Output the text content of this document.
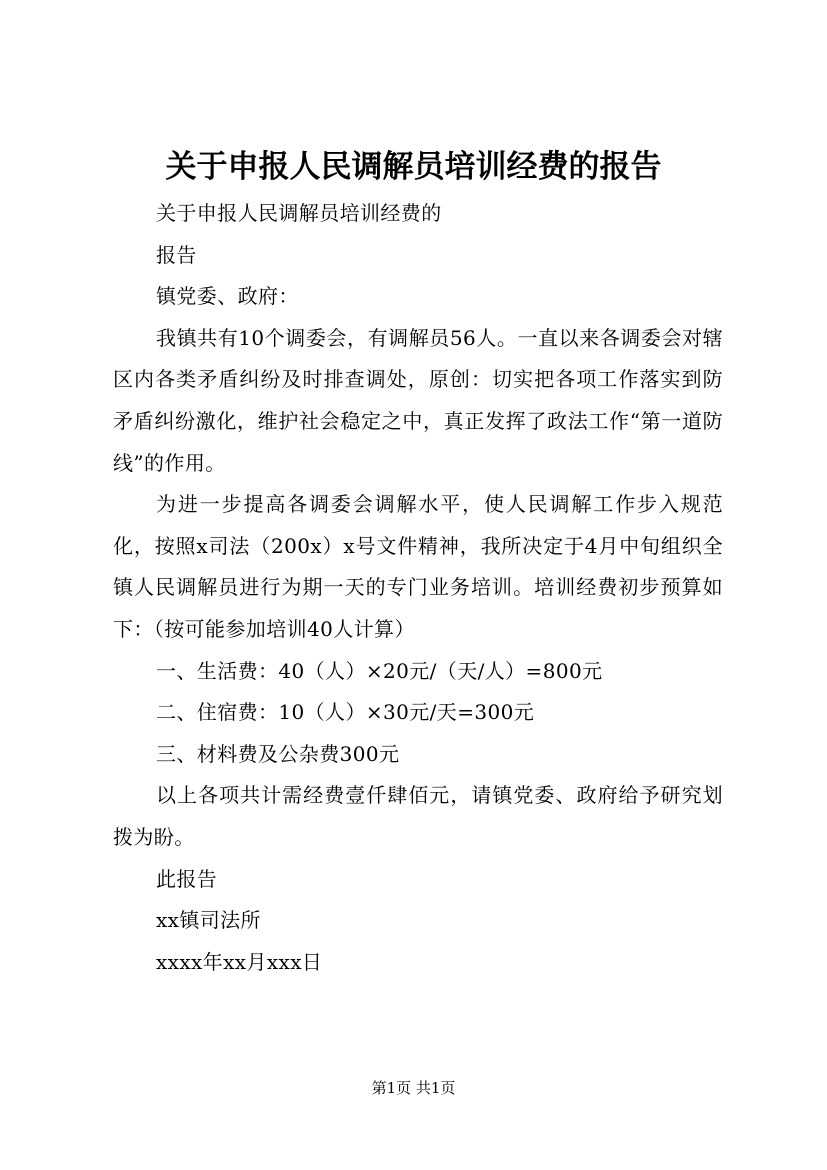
关于申报人民调解员培训经费的报告

关于申报人民调解员培训经费的

报告

镇党委、政府：

我镇共有10个调委会，有调解员56人。一直以来各调委会对辖区内各类矛盾纠纷及时排查调处，原创：切实把各项工作落实到防矛盾纠纷激化，维护社会稳定之中，真正发挥了政法工作“第一道防线”的作用。

为进一步提高各调委会调解水平，使人民调解工作步入规范化，按照x司法（200x）x号文件精神，我所决定于4月中旬组织全镇人民调解员进行为期一天的专门业务培训。培训经费初步预算如下：（按可能参加培训40人计算）

一、生活费：40（人）×20元/（天/人）=800元

二、住宿费：10（人）×30元/天=300元

三、材料费及公杂费300元

以上各项共计需经费壹仟肆佰元，请镇党委、政府给予研究划拨为盼。

此报告

xx镇司法所

xxxx年xx月xxx日

第1页 共1页
